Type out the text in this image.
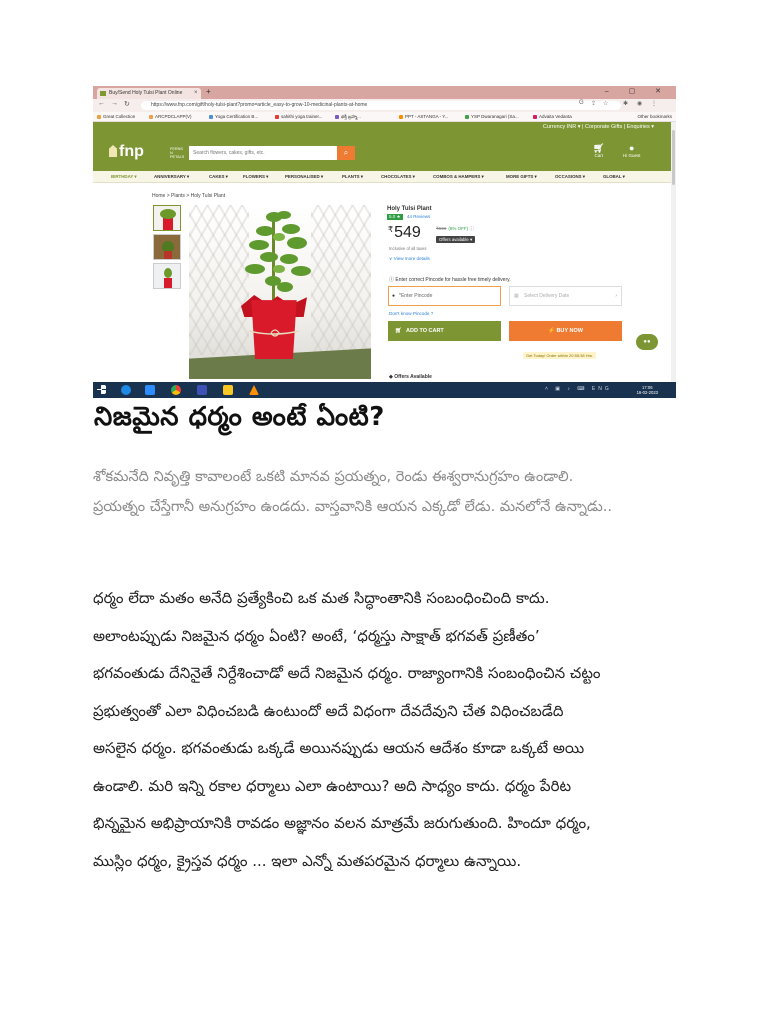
Buy/Send Holy Tulsi Plant Online × +	– ▢ ✕
← → ↻	https://www.fnp.com/gift/holy-tulsi-plant?promo=article_easy-to-grow-10-medicinal-plants-at-home	G ⇪ ☆ ✱ ◉ ⋮
Great Collection	ARCPDCLAPP(V)	Yoga Certification B...	sahithi yoga trainer...	భక్తి బ్రహ్మ...	PPT - ASTANGA - Y...	YSP Dwaranagari (Sa...	Advaita Vedanta	Other bookmarks
Currency INR ▾ | Corporate Gifts | Enquiries ▾
fnp	FERNS
N
PETALS
Search flowers, cakes, gifts, etc.	⌕	🛒︎
Cart
●
Hi Guest
BIRTHDAY ▾	ANNIVERSARY ▾	CAKES ▾	FLOWERS ▾	PERSONALISED ▾	PLANTS ▾	CHOCOLATES ▾	COMBOS & HAMPERS ▾	MORE GIFTS ▾	OCCASIONS ▾	GLOBAL ▾
Home > Plants > Holy Tulsi Plant
Holy Tulsi Plant
5.0 ★	44 Reviews
₹549	₹599 (8% OFF) ⓘ
Offers available ▾
Inclusive of all taxes
∨ View more details
ⓘ Enter correct Pincode for hassle free timely delivery.
● *Enter Pincode	▦ Select Delivery Date	›
Don't know Pincode ?
🛒︎ ADD TO CART	⚡ BUY NOW
Get Today! Order within 20:55:38 Hrs.
◆ Offers Available
●●
˄ ▣ ♪ ⌨ ENG	17:06
16-02-2023
నిజమైన ధర్మం అంటే ఏంటి?
శోకమనేది నివృత్తి కావాలంటే ఒకటి మానవ ప్రయత్నం, రెండు ఈశ్వరానుగ్రహం ఉండాలి.
ప్రయత్నం చేస్తేగానీ అనుగ్రహం ఉండదు. వాస్తవానికి ఆయన ఎక్కడో లేడు. మనలోనే ఉన్నాడు..
ధర్మం లేదా మతం అనేది ప్రత్యేకించి ఒక మత సిద్ధాంతానికి సంబంధించింది కాదు.
అలాంటప్పుడు నిజమైన ధర్మం ఏంటి? అంటే, ‘ధర్మస్తు సాక్షాత్ భగవత్ ప్రణీతం’
భగవంతుడు దేనినైతే నిర్దేశించాడో అదే నిజమైన ధర్మం. రాజ్యాంగానికి సంబంధించిన చట్టం
ప్రభుత్వంతో ఎలా విధించబడి ఉంటుందో అదే విధంగా దేవదేవుని చేత విధించబడేది
అసలైన ధర్మం. భగవంతుడు ఒక్కడే అయినప్పుడు ఆయన ఆదేశం కూడా ఒక్కటే అయి
ఉండాలి. మరి ఇన్ని రకాల ధర్మాలు ఎలా ఉంటాయి? అది సాధ్యం కాదు. ధర్మం పేరిట
భిన్నమైన అభిప్రాయానికి రావడం అజ్ఞానం వలన మాత్రమే జరుగుతుంది. హిందూ ధర్మం,
ముస్లిం ధర్మం, క్రైస్తవ ధర్మం ... ఇలా ఎన్నో మతపరమైన ధర్మాలు ఉన్నాయి.
